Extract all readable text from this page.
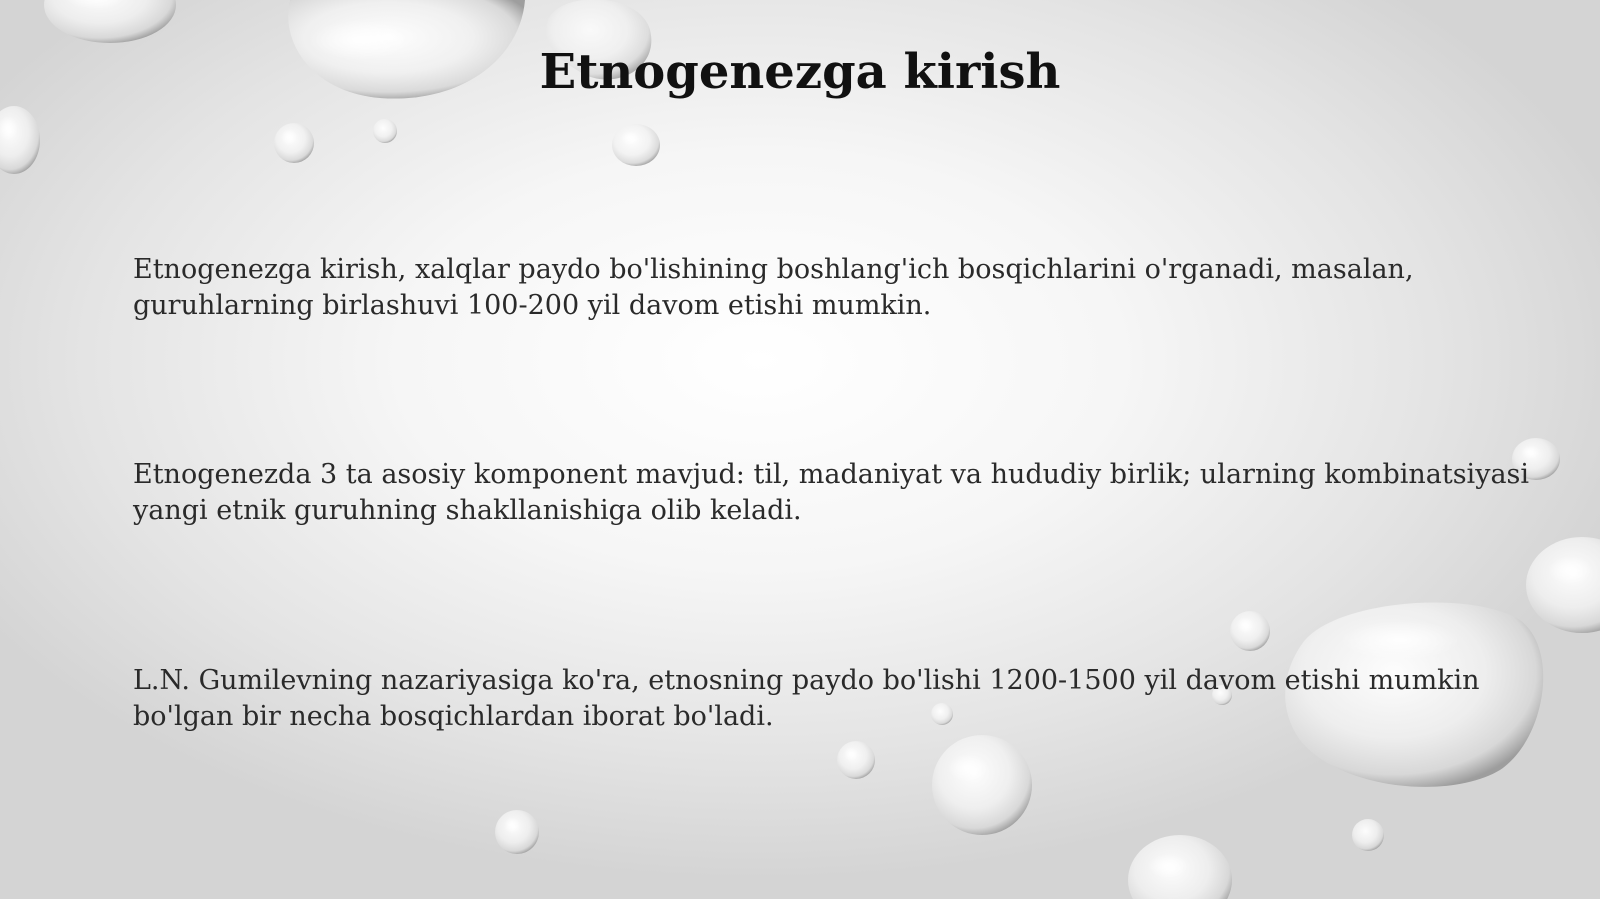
Etnogenezga kirish

Etnogenezga kirish, xalqlar paydo bo'lishining boshlang'ich bosqichlarini o'rganadi, masalan, guruhlarning birlashuvi 100-200 yil davom etishi mumkin.

Etnogenezda 3 ta asosiy komponent mavjud: til, madaniyat va hududiy birlik; ularning kombinatsiyasi yangi etnik guruhning shakllanishiga olib keladi.

L.N. Gumilevning nazariyasiga ko'ra, etnosning paydo bo'lishi 1200-1500 yil davom etishi mumkin bo'lgan bir necha bosqichlardan iborat bo'ladi.
